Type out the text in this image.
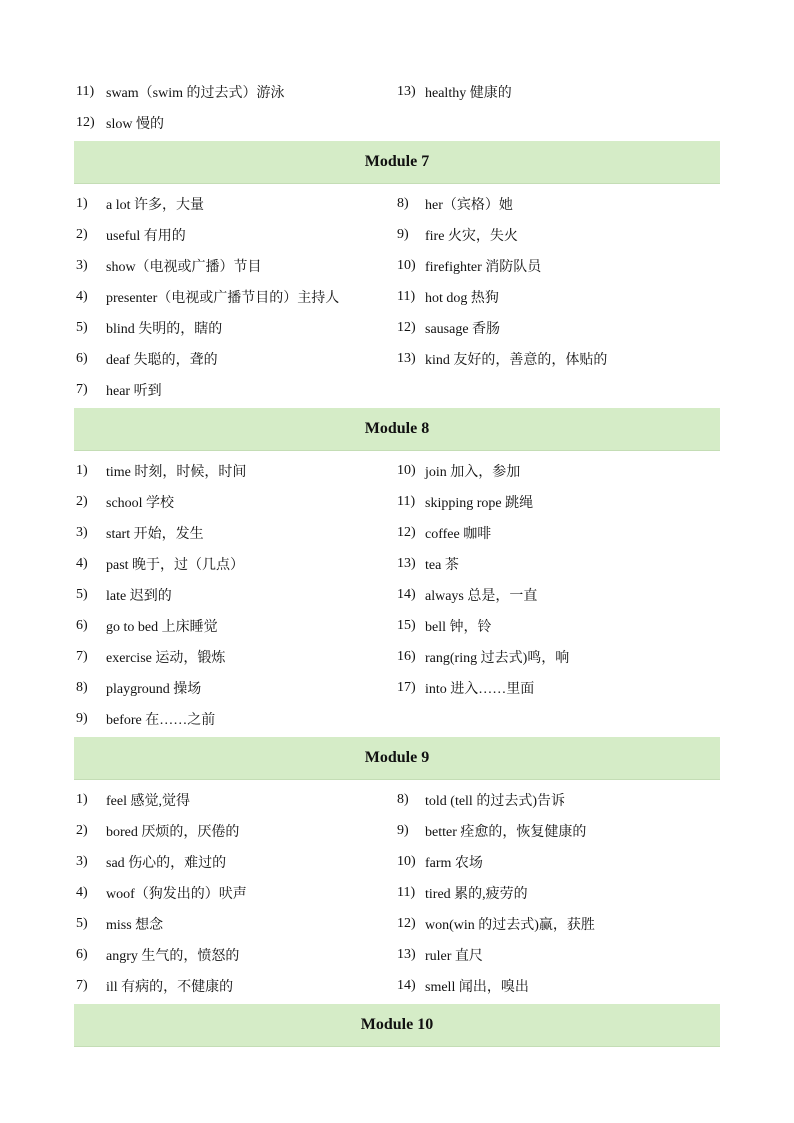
11) swam（swim 的过去式）游泳	13) healthy 健康的
12) slow 慢的
Module 7
1)	a lot 许多，大量	8)	her（宾格）她
2)	useful 有用的	9)	fire 火灾，失火
3)	show（电视或广播）节目	10) firefighter 消防队员
4)	presenter（电视或广播节目的）主持人	11) hot dog 热狗
5)	blind 失明的，瞎的	12) sausage 香肠
6)	deaf 失聪的，聋的	13) kind 友好的，善意的，体贴的
7)	hear 听到
Module 8
1)	time 时刻，时候，时间	10) join 加入，参加
2)	school 学校	11) skipping rope 跳绳
3)	start 开始，发生	12) coffee 咖啡
4)	past 晚于，过（几点）	13) tea 茶
5)	late 迟到的	14) always 总是，一直
6)	go to bed 上床睡觉	15) bell 钟，铃
7)	exercise 运动，锻炼	16) rang(ring 过去式)鸣，响
8)	playground 操场	17) into 进入……里面
9)	before 在……之前
Module 9
1)	feel 感觉,觉得	8)	told (tell 的过去式)告诉
2)	bored 厌烦的，厌倦的	9)	better 痊愈的，恢复健康的
3)	sad 伤心的，难过的	10) farm 农场
4)	woof（狗发出的）吠声	11) tired 累的,疲劳的
5)	miss 想念	12) won(win 的过去式)赢，获胜
6)	angry 生气的，愤怒的	13) ruler 直尺
7)	ill 有病的，不健康的	14) smell 闻出，嗅出
Module 10
